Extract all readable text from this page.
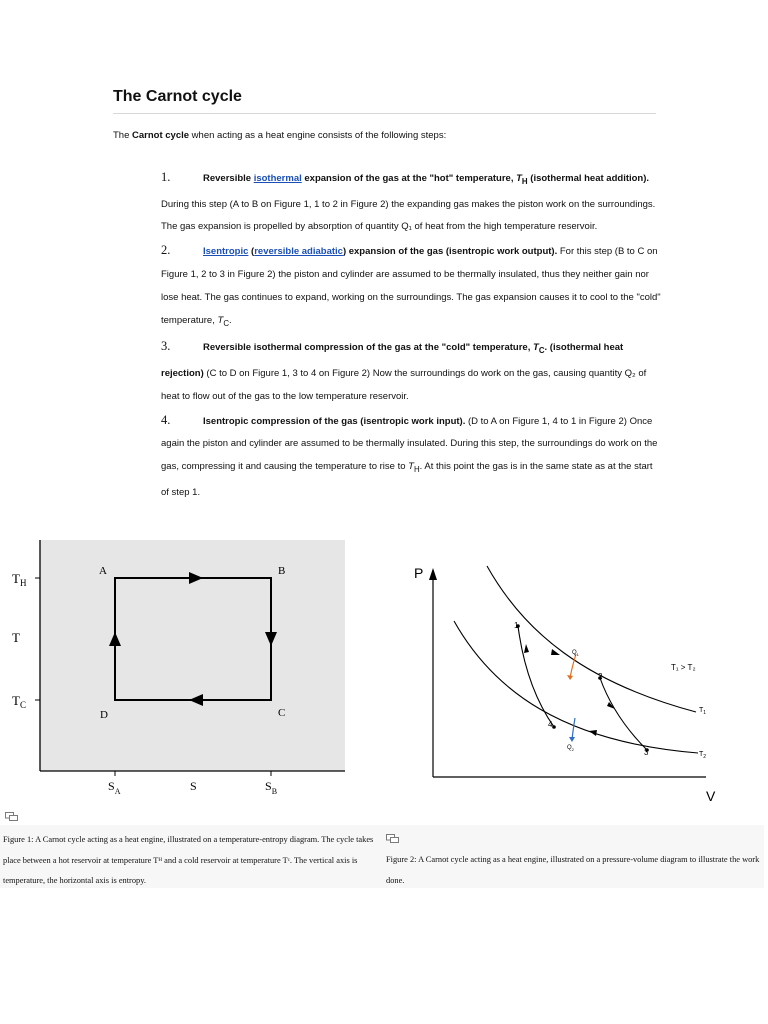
The Carnot cycle
The Carnot cycle when acting as a heat engine consists of the following steps:
1.	Reversible isothermal expansion of the gas at the "hot" temperature, $T_H$ (isothermal heat addition). During this step (A to B on Figure 1, 1 to 2 in Figure 2) the expanding gas makes the piston work on the surroundings. The gas expansion is propelled by absorption of quantity Q₁ of heat from the high temperature reservoir.
2.	Isentropic (reversible adiabatic) expansion of the gas (isentropic work output). For this step (B to C on Figure 1, 2 to 3 in Figure 2) the piston and cylinder are assumed to be thermally insulated, thus they neither gain nor lose heat. The gas continues to expand, working on the surroundings. The gas expansion causes it to cool to the "cold" temperature, $T_C$.
3.	Reversible isothermal compression of the gas at the "cold" temperature, $T_C$. (isothermal heat rejection) (C to D on Figure 1, 3 to 4 on Figure 2) Now the surroundings do work on the gas, causing quantity Q₂ of heat to flow out of the gas to the low temperature reservoir.
4.	Isentropic compression of the gas (isentropic work input). (D to A on Figure 1, 4 to 1 in Figure 2) Once again the piston and cylinder are assumed to be thermally insulated. During this step, the surroundings do work on the gas, compressing it and causing the temperature to rise to $T_H$. At this point the gas is in the same state as at the start of step 1.
$T_H$
T
$T_C$
A	B
C
D
$S_A$	S	$S_B$
P
V
1
2
3
4
$Q_1$
$Q_2$
T₁ > T₂
$T_1$
$T_2$
Figure 1: A Carnot cycle acting as a heat engine, illustrated on a temperature-entropy diagram. The cycle takes place between a hot reservoir at temperature Tᴴ and a cold reservoir at temperature Tᶜ. The vertical axis is temperature, the horizontal axis is entropy.
Figure 2: A Carnot cycle acting as a heat engine, illustrated on a pressure-volume diagram to illustrate the work done.
